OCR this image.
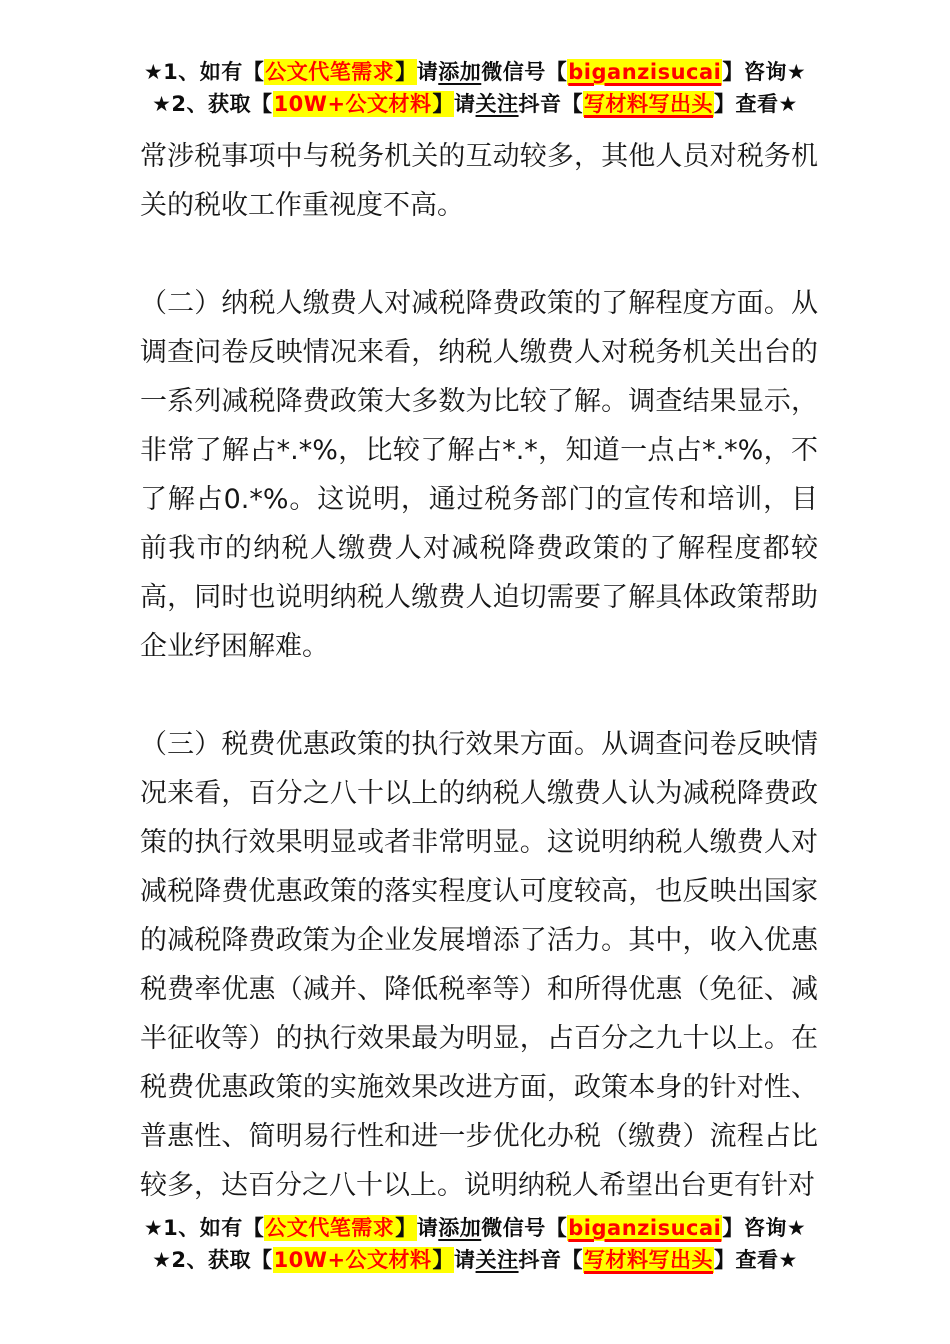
★1、如有【公文代笔需求】请添加微信号【biganzisucai】咨询★
★2、获取【10W+公文材料】请关注抖音【写材料写出头】查看★

常涉税事项中与税务机关的互动较多，其他人员对税务机关的税收工作重视度不高。

（二）纳税人缴费人对减税降费政策的了解程度方面。从调查问卷反映情况来看，纳税人缴费人对税务机关出台的一系列减税降费政策大多数为比较了解。调查结果显示，非常了解占*.*%，比较了解占*.*，知道一点占*.*%，不了解占0.*%。这说明，通过税务部门的宣传和培训，目前我市的纳税人缴费人对减税降费政策的了解程度都较高，同时也说明纳税人缴费人迫切需要了解具体政策帮助企业纾困解难。

（三）税费优惠政策的执行效果方面。从调查问卷反映情况来看，百分之八十以上的纳税人缴费人认为减税降费政策的执行效果明显或者非常明显。这说明纳税人缴费人对减税降费优惠政策的落实程度认可度较高，也反映出国家的减税降费政策为企业发展增添了活力。其中，收入优惠税费率优惠（减并、降低税率等）和所得优惠（免征、减半征收等）的执行效果最为明显，占百分之九十以上。在税费优惠政策的实施效果改进方面，政策本身的针对性、普惠性、简明易行性和进一步优化办税（缴费）流程占比较多，达百分之八十以上。说明纳税人希望出台更有针对

★1、如有【公文代笔需求】请添加微信号【biganzisucai】咨询★
★2、获取【10W+公文材料】请关注抖音【写材料写出头】查看★
